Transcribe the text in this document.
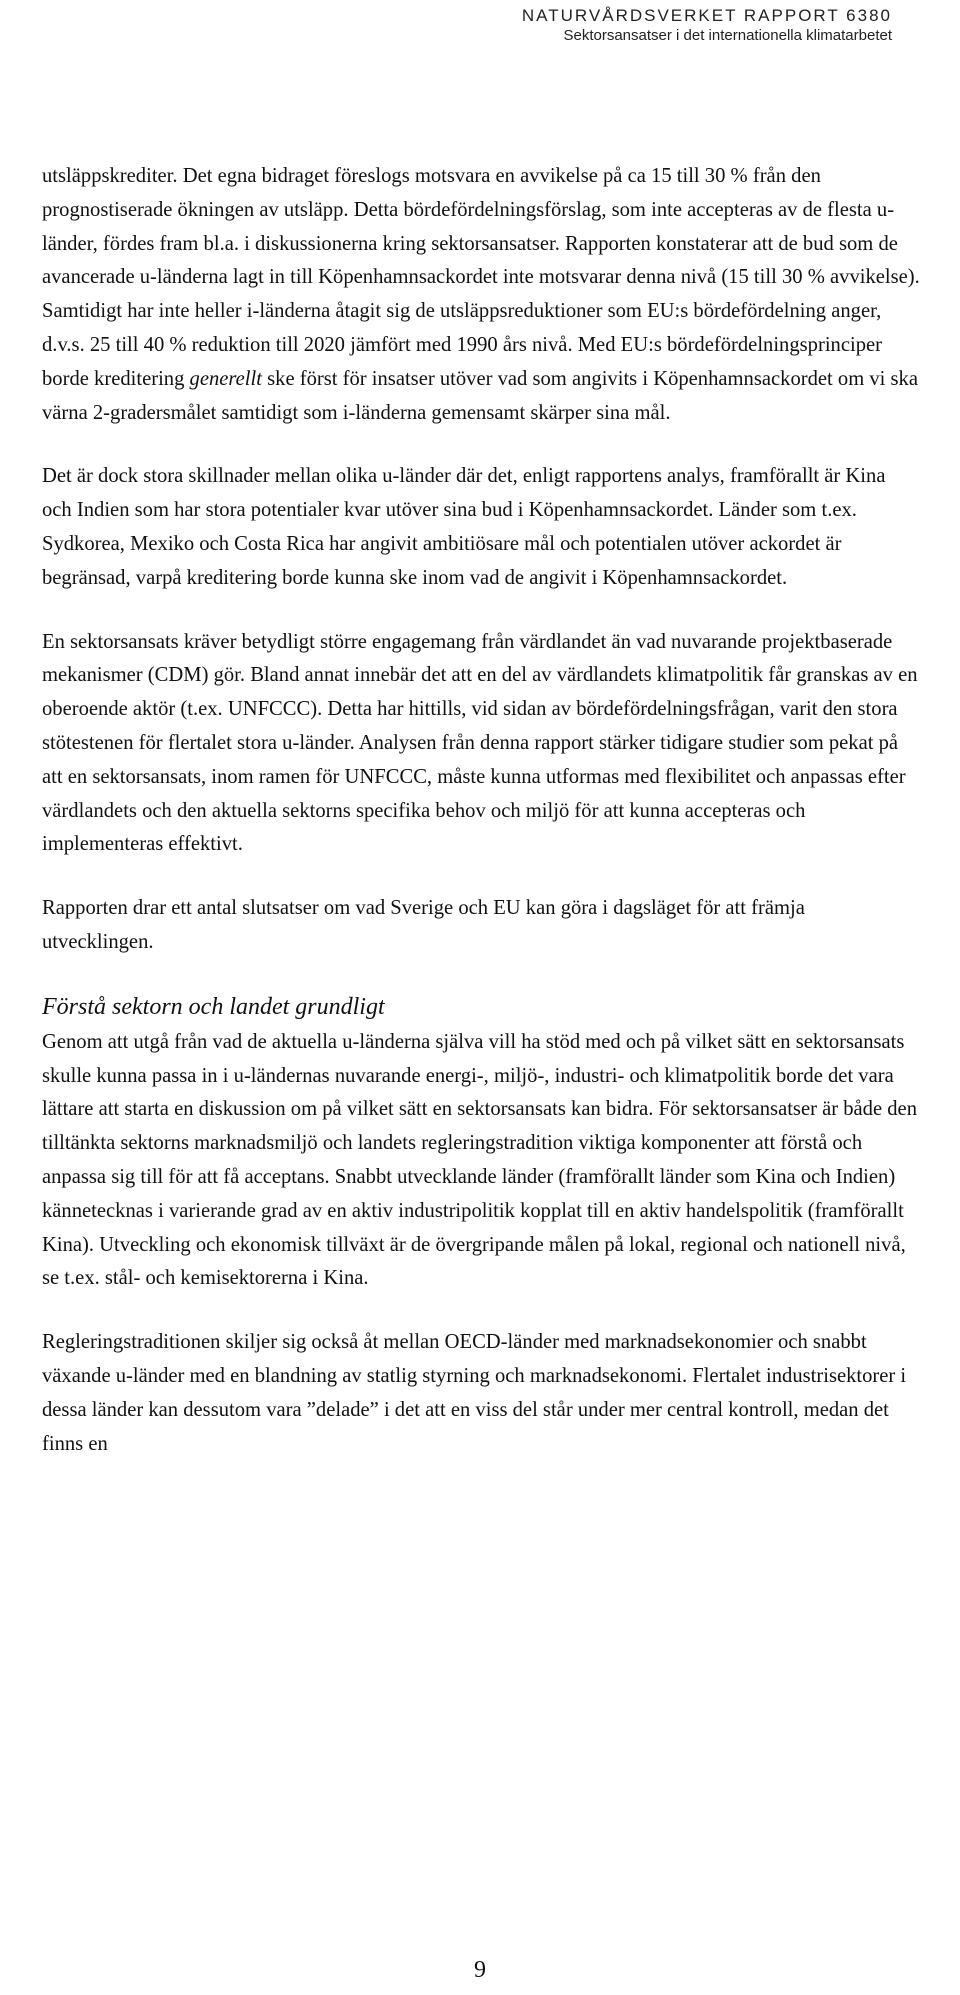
NATURVÅRDSVERKET RAPPORT 6380
Sektorsansatser i det internationella klimatarbetet

utsläppskrediter. Det egna bidraget föreslogs motsvara en avvikelse på ca 15 till 30 % från den prognostiserade ökningen av utsläpp. Detta bördefördelningsförslag, som inte accepteras av de flesta u-länder, fördes fram bl.a. i diskussionerna kring sektorsansatser. Rapporten konstaterar att de bud som de avancerade u-länderna lagt in till Köpenhamnsackordet inte motsvarar denna nivå (15 till 30 % avvikelse). Samtidigt har inte heller i-länderna åtagit sig de utsläppsreduktioner som EU:s bördefördelning anger, d.v.s. 25 till 40 % reduktion till 2020 jämfört med 1990 års nivå. Med EU:s bördefördelningsprinciper borde kreditering generellt ske först för insatser utöver vad som angivits i Köpenhamnsackordet om vi ska värna 2-gradersmålet samtidigt som i-länderna gemensamt skärper sina mål.

Det är dock stora skillnader mellan olika u-länder där det, enligt rapportens analys, framförallt är Kina och Indien som har stora potentialer kvar utöver sina bud i Köpenhamnsackordet. Länder som t.ex. Sydkorea, Mexiko och Costa Rica har angivit ambitiösare mål och potentialen utöver ackordet är begränsad, varpå kreditering borde kunna ske inom vad de angivit i Köpenhamnsackordet.

En sektorsansats kräver betydligt större engagemang från värdlandet än vad nuvarande projektbaserade mekanismer (CDM) gör. Bland annat innebär det att en del av värdlandets klimatpolitik får granskas av en oberoende aktör (t.ex. UNFCCC). Detta har hittills, vid sidan av bördefördelningsfrågan, varit den stora stötestenen för flertalet stora u-länder. Analysen från denna rapport stärker tidigare studier som pekat på att en sektorsansats, inom ramen för UNFCCC, måste kunna utformas med flexibilitet och anpassas efter värdlandets och den aktuella sektorns specifika behov och miljö för att kunna accepteras och implementeras effektivt.

Rapporten drar ett antal slutsatser om vad Sverige och EU kan göra i dagsläget för att främja utvecklingen.

Förstå sektorn och landet grundligt

Genom att utgå från vad de aktuella u-länderna själva vill ha stöd med och på vilket sätt en sektorsansats skulle kunna passa in i u-ländernas nuvarande energi-, miljö-, industri- och klimatpolitik borde det vara lättare att starta en diskussion om på vilket sätt en sektorsansats kan bidra. För sektorsansatser är både den tilltänkta sektorns marknadsmiljö och landets regleringstradition viktiga komponenter att förstå och anpassa sig till för att få acceptans. Snabbt utvecklande länder (framförallt länder som Kina och Indien) kännetecknas i varierande grad av en aktiv industripolitik kopplat till en aktiv handelspolitik (framförallt Kina). Utveckling och ekonomisk tillväxt är de övergripande målen på lokal, regional och nationell nivå, se t.ex. stål- och kemisektorerna i Kina.

Regleringstraditionen skiljer sig också åt mellan OECD-länder med marknadsekonomier och snabbt växande u-länder med en blandning av statlig styrning och marknadsekonomi. Flertalet industrisektorer i dessa länder kan dessutom vara ”delade” i det att en viss del står under mer central kontroll, medan det finns en

9
